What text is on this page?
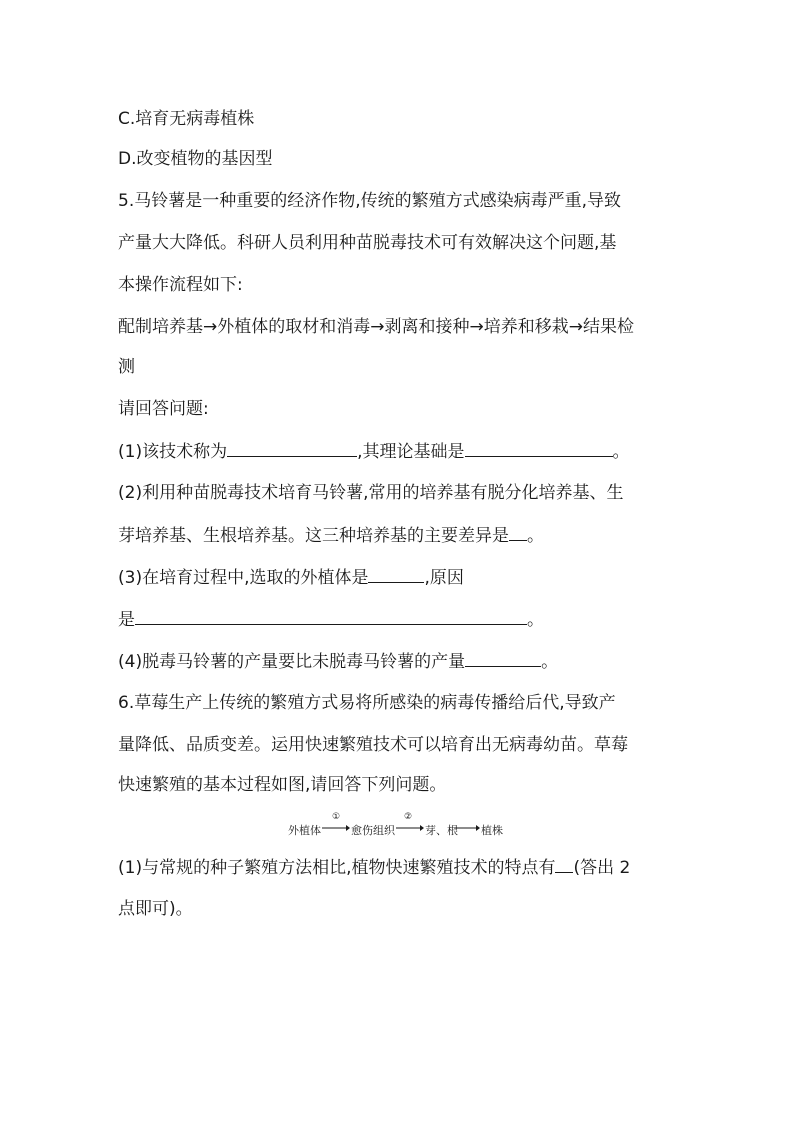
C.培育无病毒植株
D.改变植物的基因型
5.马铃薯是一种重要的经济作物,传统的繁殖方式感染病毒严重,导致
产量大大降低。科研人员利用种苗脱毒技术可有效解决这个问题,基
本操作流程如下:
配制培养基→外植体的取材和消毒→剥离和接种→培养和移栽→结果检
测
请回答问题:
(1)该技术称为	,其理论基础是	。
(2)利用种苗脱毒技术培育马铃薯,常用的培养基有脱分化培养基、生
芽培养基、生根培养基。这三种培养基的主要差异是 。
(3)在培育过程中,选取的外植体是	,原因
是	。
(4)脱毒马铃薯的产量要比未脱毒马铃薯的产量	。
6.草莓生产上传统的繁殖方式易将所感染的病毒传播给后代,导致产
量降低、品质变差。运用快速繁殖技术可以培育出无病毒幼苗。草莓
快速繁殖的基本过程如图,请回答下列问题。
外植体
①
愈伤组织
②
芽、根 植株
(1)与常规的种子繁殖方法相比,植物快速繁殖技术的特点有 (答出 2
点即可)。
